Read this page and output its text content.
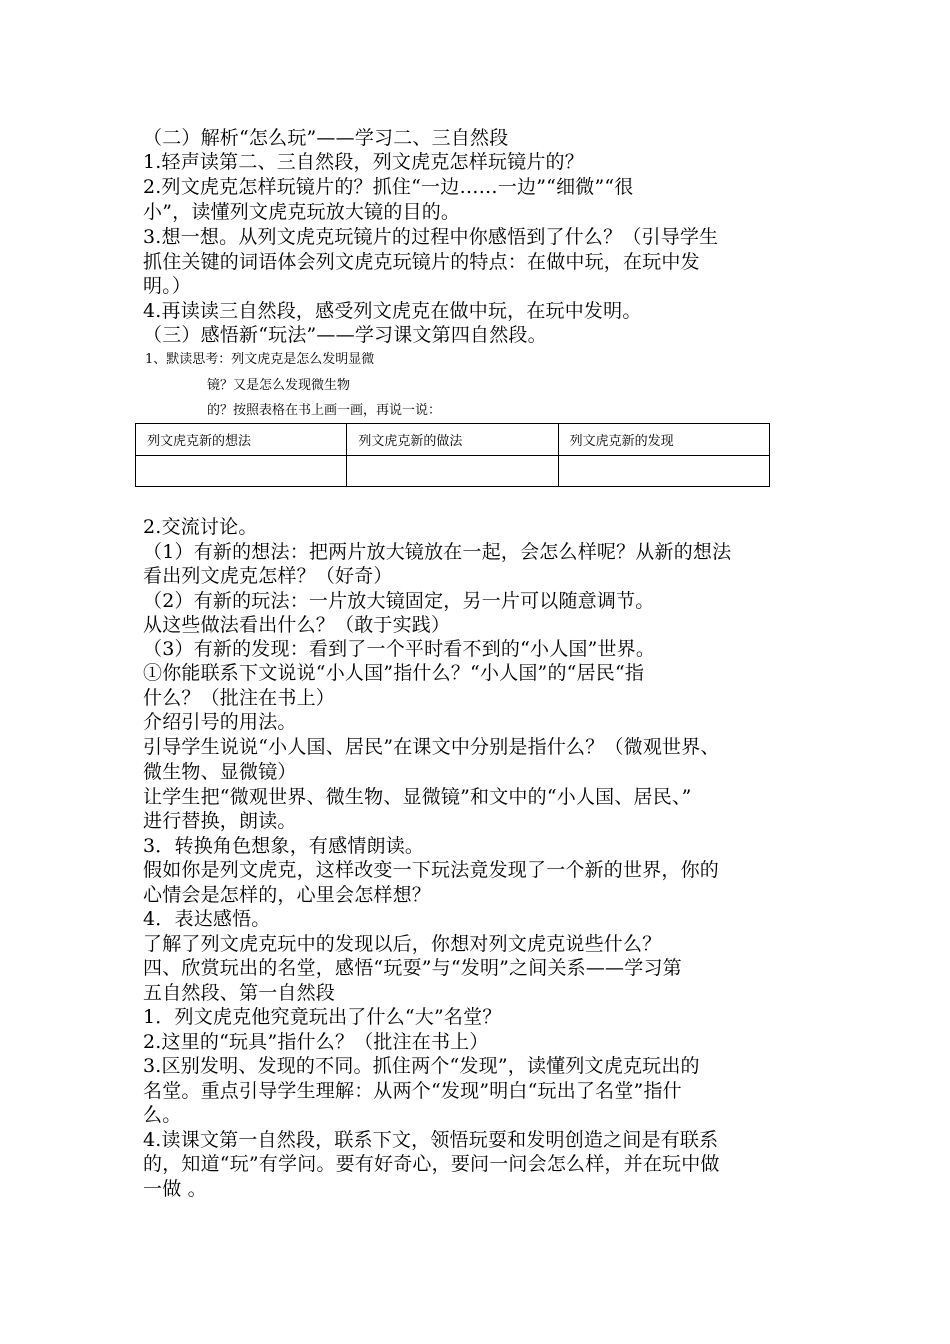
（二）解析“怎么玩”——学习二、三自然段
1.轻声读第二、三自然段，列文虎克怎样玩镜片的？
2.列文虎克怎样玩镜片的？抓住“一边……一边”“细微”“很
小”，读懂列文虎克玩放大镜的目的。
3.想一想。从列文虎克玩镜片的过程中你感悟到了什么？（引导学生
抓住关键的词语体会列文虎克玩镜片的特点：在做中玩，在玩中发
明。）
4.再读读三自然段，感受列文虎克在做中玩，在玩中发明。
（三）感悟新“玩法”——学习课文第四自然段。
1、默读思考：列文虎克是怎么发明显微
镜？又是怎么发现微生物
的？按照表格在书上画一画，再说一说：
列文虎克新的想法	列文虎克新的做法	列文虎克新的发现

2.交流讨论。
（1）有新的想法：把两片放大镜放在一起，会怎么样呢？从新的想法
看出列文虎克怎样？（好奇）
（2）有新的玩法：一片放大镜固定，另一片可以随意调节。
从这些做法看出什么？（敢于实践）
（3）有新的发现：看到了一个平时看不到的“小人国”世界。
①你能联系下文说说“小人国”指什么？“小人国”的“居民“指
什么？（批注在书上）
介绍引号的用法。
引导学生说说“小人国、居民”在课文中分别是指什么？（微观世界、
微生物、显微镜）
让学生把“微观世界、微生物、显微镜”和文中的“小人国、居民、”
进行替换，朗读。
3．转换角色想象，有感情朗读。
假如你是列文虎克，这样改变一下玩法竟发现了一个新的世界，你的
心情会是怎样的，心里会怎样想？
4．表达感悟。
了解了列文虎克玩中的发现以后，你想对列文虎克说些什么？
四、欣赏玩出的名堂，感悟“玩耍”与“发明”之间关系——学习第
五自然段、第一自然段
1．列文虎克他究竟玩出了什么“大”名堂？
2.这里的“玩具”指什么？（批注在书上）
3.区别发明、发现的不同。抓住两个“发现”，读懂列文虎克玩出的
名堂。重点引导学生理解：从两个“发现”明白“玩出了名堂”指什
么。
4.读课文第一自然段，联系下文，领悟玩耍和发明创造之间是有联系
的，知道“玩”有学问。要有好奇心，要问一问会怎么样，并在玩中做
一做 。
